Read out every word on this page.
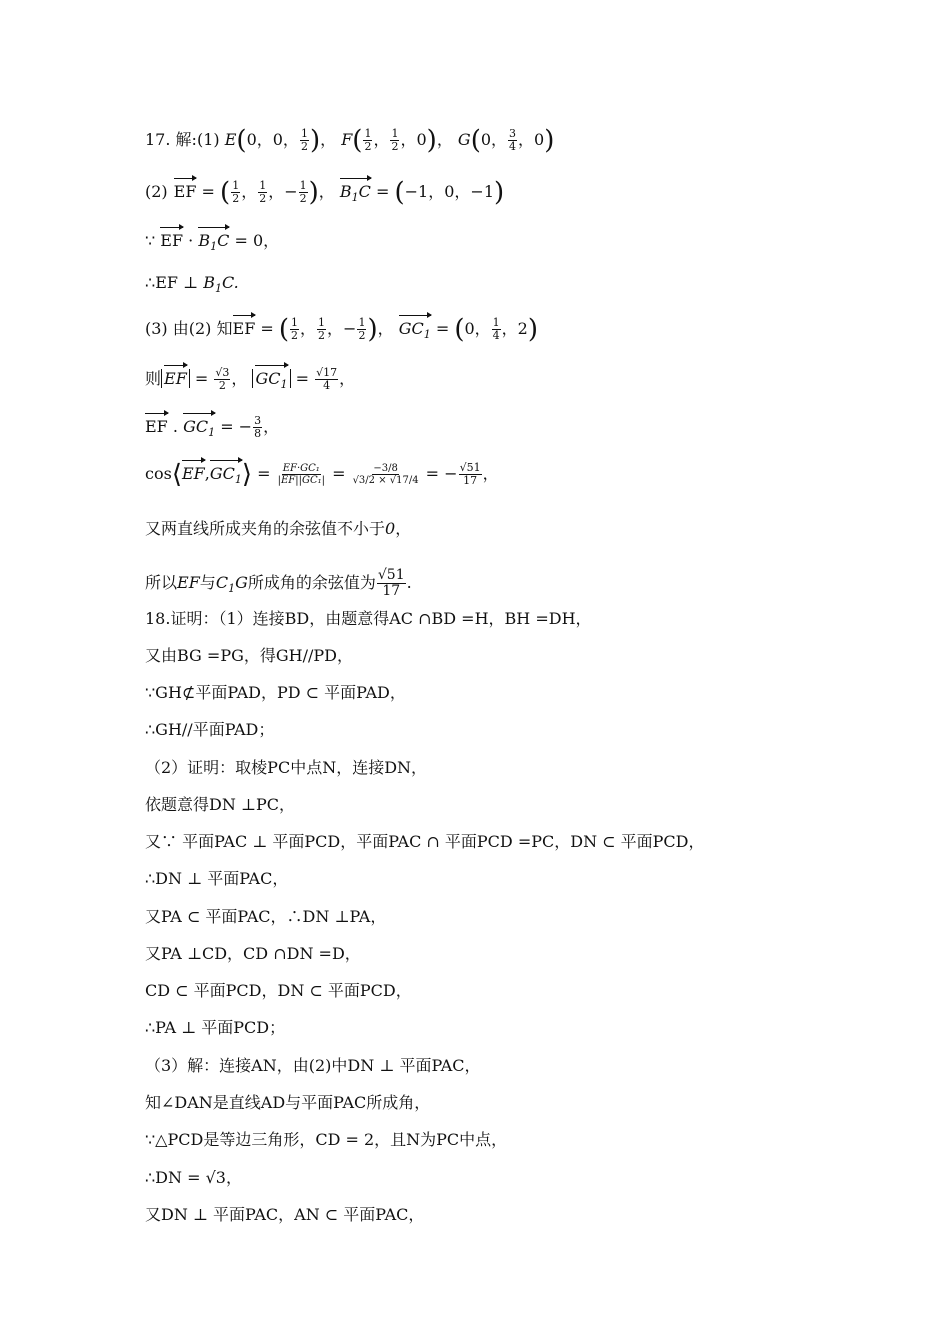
17. 解:(1) E(0，0， $\frac{1}{2}$ )， $F( \frac{1}{2}$ ， $\frac{1}{2}$ ，0)， G(0， $\frac{3}{4}$ ，0)
(2) EF = ( $\frac{1}{2}$ ， $\frac{1}{2}$ ，− $\frac{1}{2}$ )， $B_1C = (-1$，0，−1)
∵ EF · $B_1C = 0$，
∴EF ⊥ $B_1C$.
(3) 由(2) 知EF = ( $\frac{1}{2}$ ， $\frac{1}{2}$ ，− $\frac{1}{2}$ )， $GC_1 = (0$， $\frac{1}{4}$ ，2)
则 EF = $\frac{√3}{2}$ ， $GC_1 = \frac{√17}{4}$ ，
EF . $GC_1$ = − $\frac{3}{8}$ ，
$\cos⟨EF,GC_1⟩ = \frac{\text{EF·GC₁}}{\text{|EF||GC₁|}} = \frac{-3/8}{√3/2 \times √17/4}$ = − $\frac{√51}{17}$ ，
又两直线所成夹角的余弦值不小于0，
所以EF与$C_1G$所成角的余弦值为 $\frac{√51}{17}$ .
18.证明：（1）连接BD，由题意得AC ∩BD =H，BH =DH，
又由BG =PG，得GH//PD，
∵GH⊄平面PAD，PD ⊂ 平面PAD，
∴GH//平面PAD；
（2）证明：取棱PC中点N，连接DN，
依题意得DN ⊥PC，
又∵ 平面PAC ⊥ 平面PCD，平面PAC ∩ 平面PCD =PC，DN ⊂ 平面PCD，
∴DN ⊥ 平面PAC，
又PA ⊂ 平面PAC，∴DN ⊥PA，
又PA ⊥CD，CD ∩DN =D，
CD ⊂ 平面PCD，DN ⊂ 平面PCD，
∴PA ⊥ 平面PCD；
（3）解：连接AN，由(2)中DN ⊥ 平面PAC，
知∠DAN是直线AD与平面PAC所成角，
∵△PCD是等边三角形，CD = 2，且N为PC中点，
∴DN = √3，
又DN ⊥ 平面PAC，AN ⊂ 平面PAC，
